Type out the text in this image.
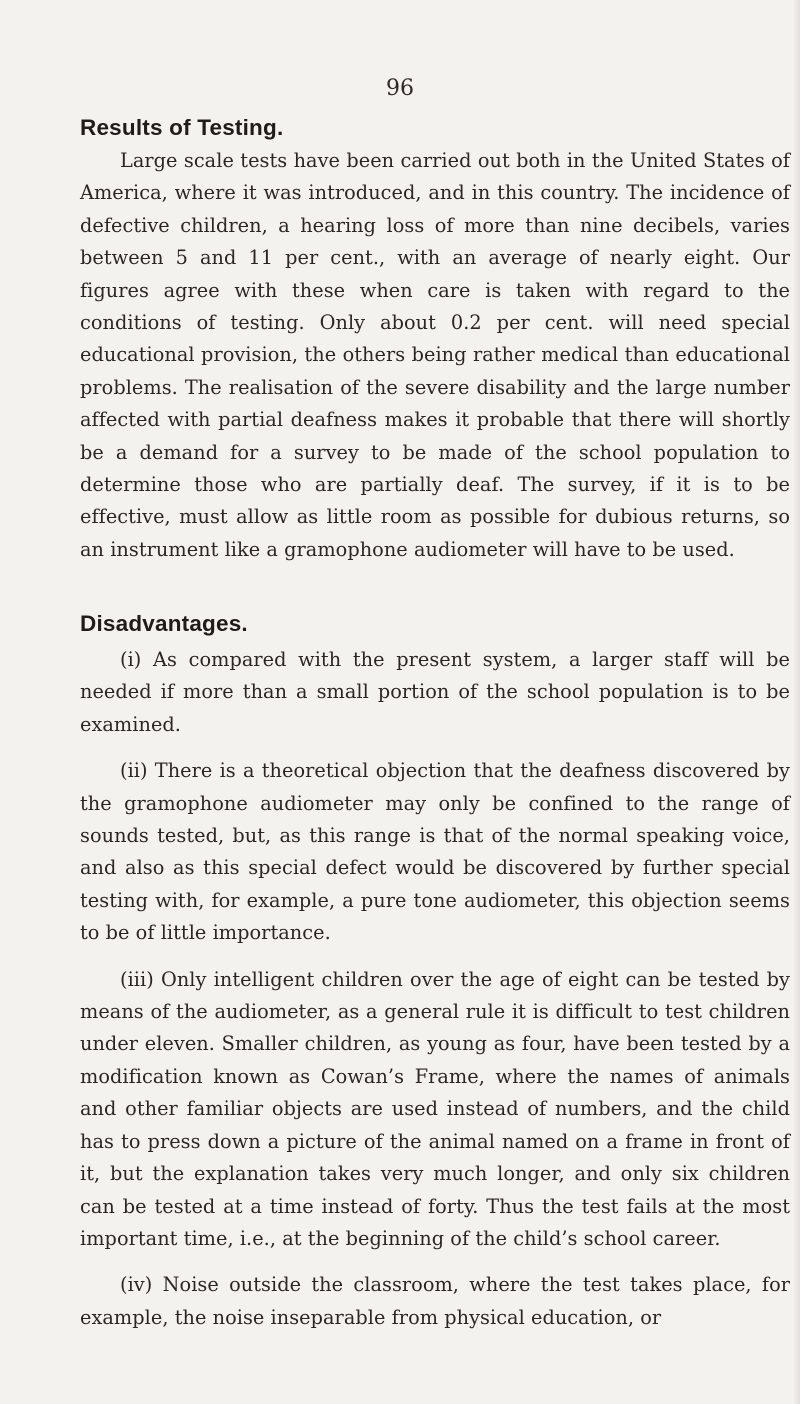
96

Results of Testing.

Large scale tests have been carried out both in the United States of America, where it was introduced, and in this country. The incidence of defective children, a hearing loss of more than nine decibels, varies between 5 and 11 per cent., with an average of nearly eight. Our figures agree with these when care is taken with regard to the conditions of testing. Only about 0.2 per cent. will need special educational provision, the others being rather medical than educational problems. The realisation of the severe disability and the large number affected with partial deafness makes it probable that there will shortly be a demand for a survey to be made of the school population to determine those who are partially deaf. The survey, if it is to be effective, must allow as little room as possible for dubious returns, so an instrument like a gramophone audiometer will have to be used.

Disadvantages.

(i) As compared with the present system, a larger staff will be needed if more than a small portion of the school population is to be examined.

(ii) There is a theoretical objection that the deafness discovered by the gramophone audiometer may only be confined to the range of sounds tested, but, as this range is that of the normal speaking voice, and also as this special defect would be discovered by further special testing with, for example, a pure tone audiometer, this objection seems to be of little importance.

(iii) Only intelligent children over the age of eight can be tested by means of the audiometer, as a general rule it is difficult to test children under eleven. Smaller children, as young as four, have been tested by a modification known as Cowan’s Frame, where the names of animals and other familiar objects are used instead of numbers, and the child has to press down a picture of the animal named on a frame in front of it, but the explanation takes very much longer, and only six children can be tested at a time instead of forty. Thus the test fails at the most important time, i.e., at the beginning of the child’s school career.

(iv) Noise outside the classroom, where the test takes place, for example, the noise inseparable from physical education, or
